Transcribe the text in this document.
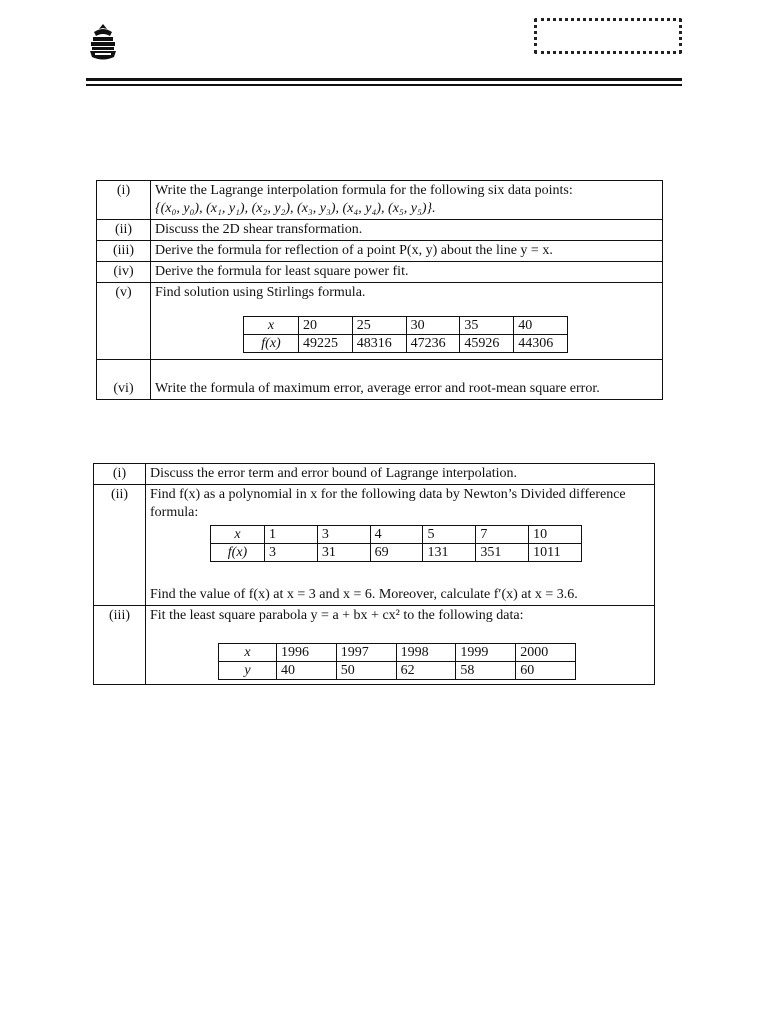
(i)	Write the Lagrange interpolation formula for the following six data points:
{(x₀, y₀), (x₁, y₁), (x₂, y₂), (x₃, y₃), (x₄, y₄), (x₅, y₅)}.

(ii)	Discuss the 2D shear transformation.
(iii)	Derive the formula for reflection of a point P(x, y) about the line y = x.
(iv)	Derive the formula for least square power fit.
(v)	Find solution using Stirlings formula.
x	20	25	30	35	40
f(x)	49225	48316	47236	45926	44306

(vi)	Write the formula of maximum error, average error and root-mean square error.
(i)	Discuss the error term and error bound of Lagrange interpolation.
(ii)	Find f(x) as a polynomial in x for the following data by Newton’s Divided difference formula:
x	1	3	4	5	7	10
f(x)	3	31	69	131	351	1011
Find the value of f(x) at x = 3 and x = 6. Moreover, calculate f′(x) at x = 3.6.

(iii)	Fit the least square parabola y = a + bx + cx² to the following data:
x	1996	1997	1998	1999	2000
y	40	50	62	58	60
